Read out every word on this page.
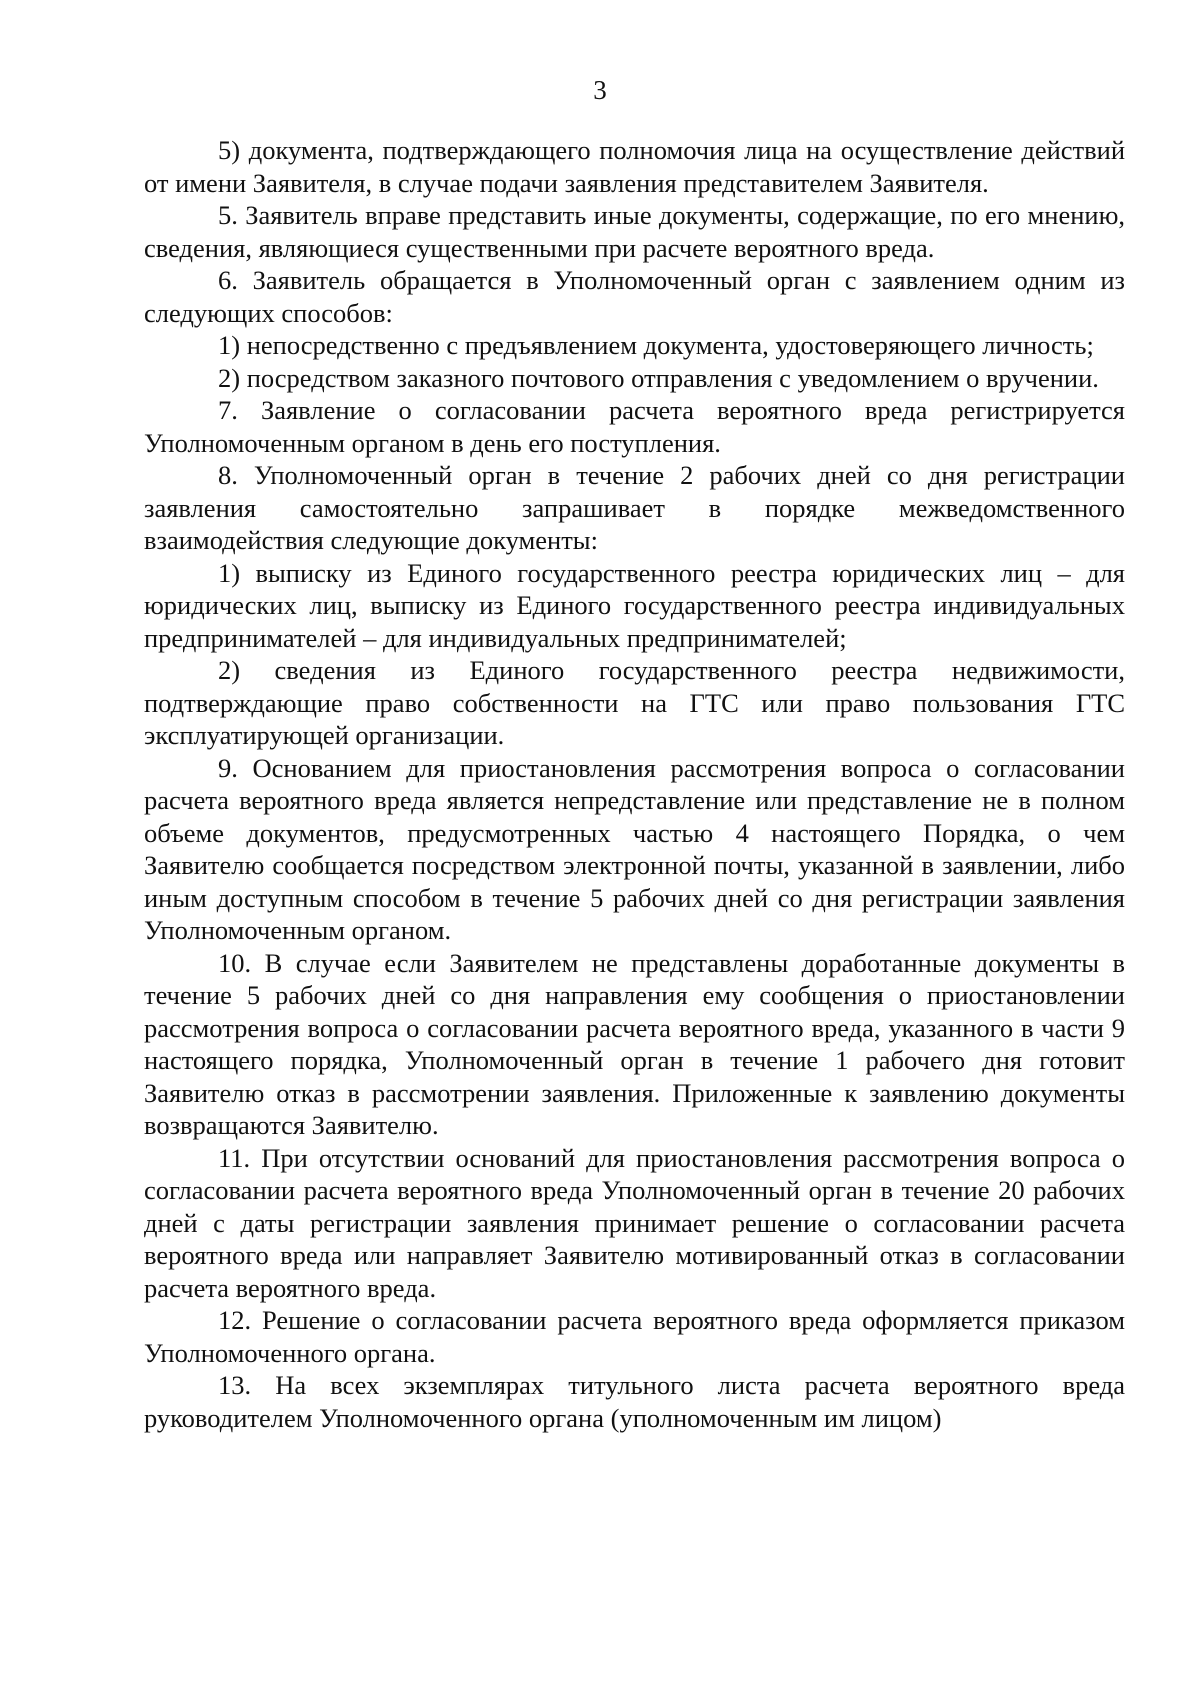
3

5) документа, подтверждающего полномочия лица на осуществление действий от имени Заявителя, в случае подачи заявления представителем Заявителя.

5. Заявитель вправе представить иные документы, содержащие, по его мнению, сведения, являющиеся существенными при расчете вероятного вреда.

6. Заявитель обращается в Уполномоченный орган с заявлением одним из следующих способов:

1) непосредственно с предъявлением документа, удостоверяющего личность;

2) посредством заказного почтового отправления с уведомлением о вручении.

7. Заявление о согласовании расчета вероятного вреда регистрируется Уполномоченным органом в день его поступления.

8. Уполномоченный орган в течение 2 рабочих дней со дня регистрации заявления самостоятельно запрашивает в порядке межведомственного взаимодействия следующие документы:

1) выписку из Единого государственного реестра юридических лиц – для юридических лиц, выписку из Единого государственного реестра индивидуальных предпринимателей – для индивидуальных предпринимателей;

2) сведения из Единого государственного реестра недвижимости, подтверждающие право собственности на ГТС или право пользования ГТС эксплуатирующей организации.

9. Основанием для приостановления рассмотрения вопроса о согласовании расчета вероятного вреда является непредставление или представление не в полном объеме документов, предусмотренных частью 4 настоящего Порядка, о чем Заявителю сообщается посредством электронной почты, указанной в заявлении, либо иным доступным способом в течение 5 рабочих дней со дня регистрации заявления Уполномоченным органом.

10. В случае если Заявителем не представлены доработанные документы в течение 5 рабочих дней со дня направления ему сообщения о приостановлении рассмотрения вопроса о согласовании расчета вероятного вреда, указанного в части 9 настоящего порядка, Уполномоченный орган в течение 1 рабочего дня готовит Заявителю отказ в рассмотрении заявления. Приложенные к заявлению документы возвращаются Заявителю.

11. При отсутствии оснований для приостановления рассмотрения вопроса о согласовании расчета вероятного вреда Уполномоченный орган в течение 20 рабочих дней с даты регистрации заявления принимает решение о согласовании расчета вероятного вреда или направляет Заявителю мотивированный отказ в согласовании расчета вероятного вреда.

12. Решение о согласовании расчета вероятного вреда оформляется приказом Уполномоченного органа.

13. На всех экземплярах титульного листа расчета вероятного вреда руководителем Уполномоченного органа (уполномоченным им лицом)
